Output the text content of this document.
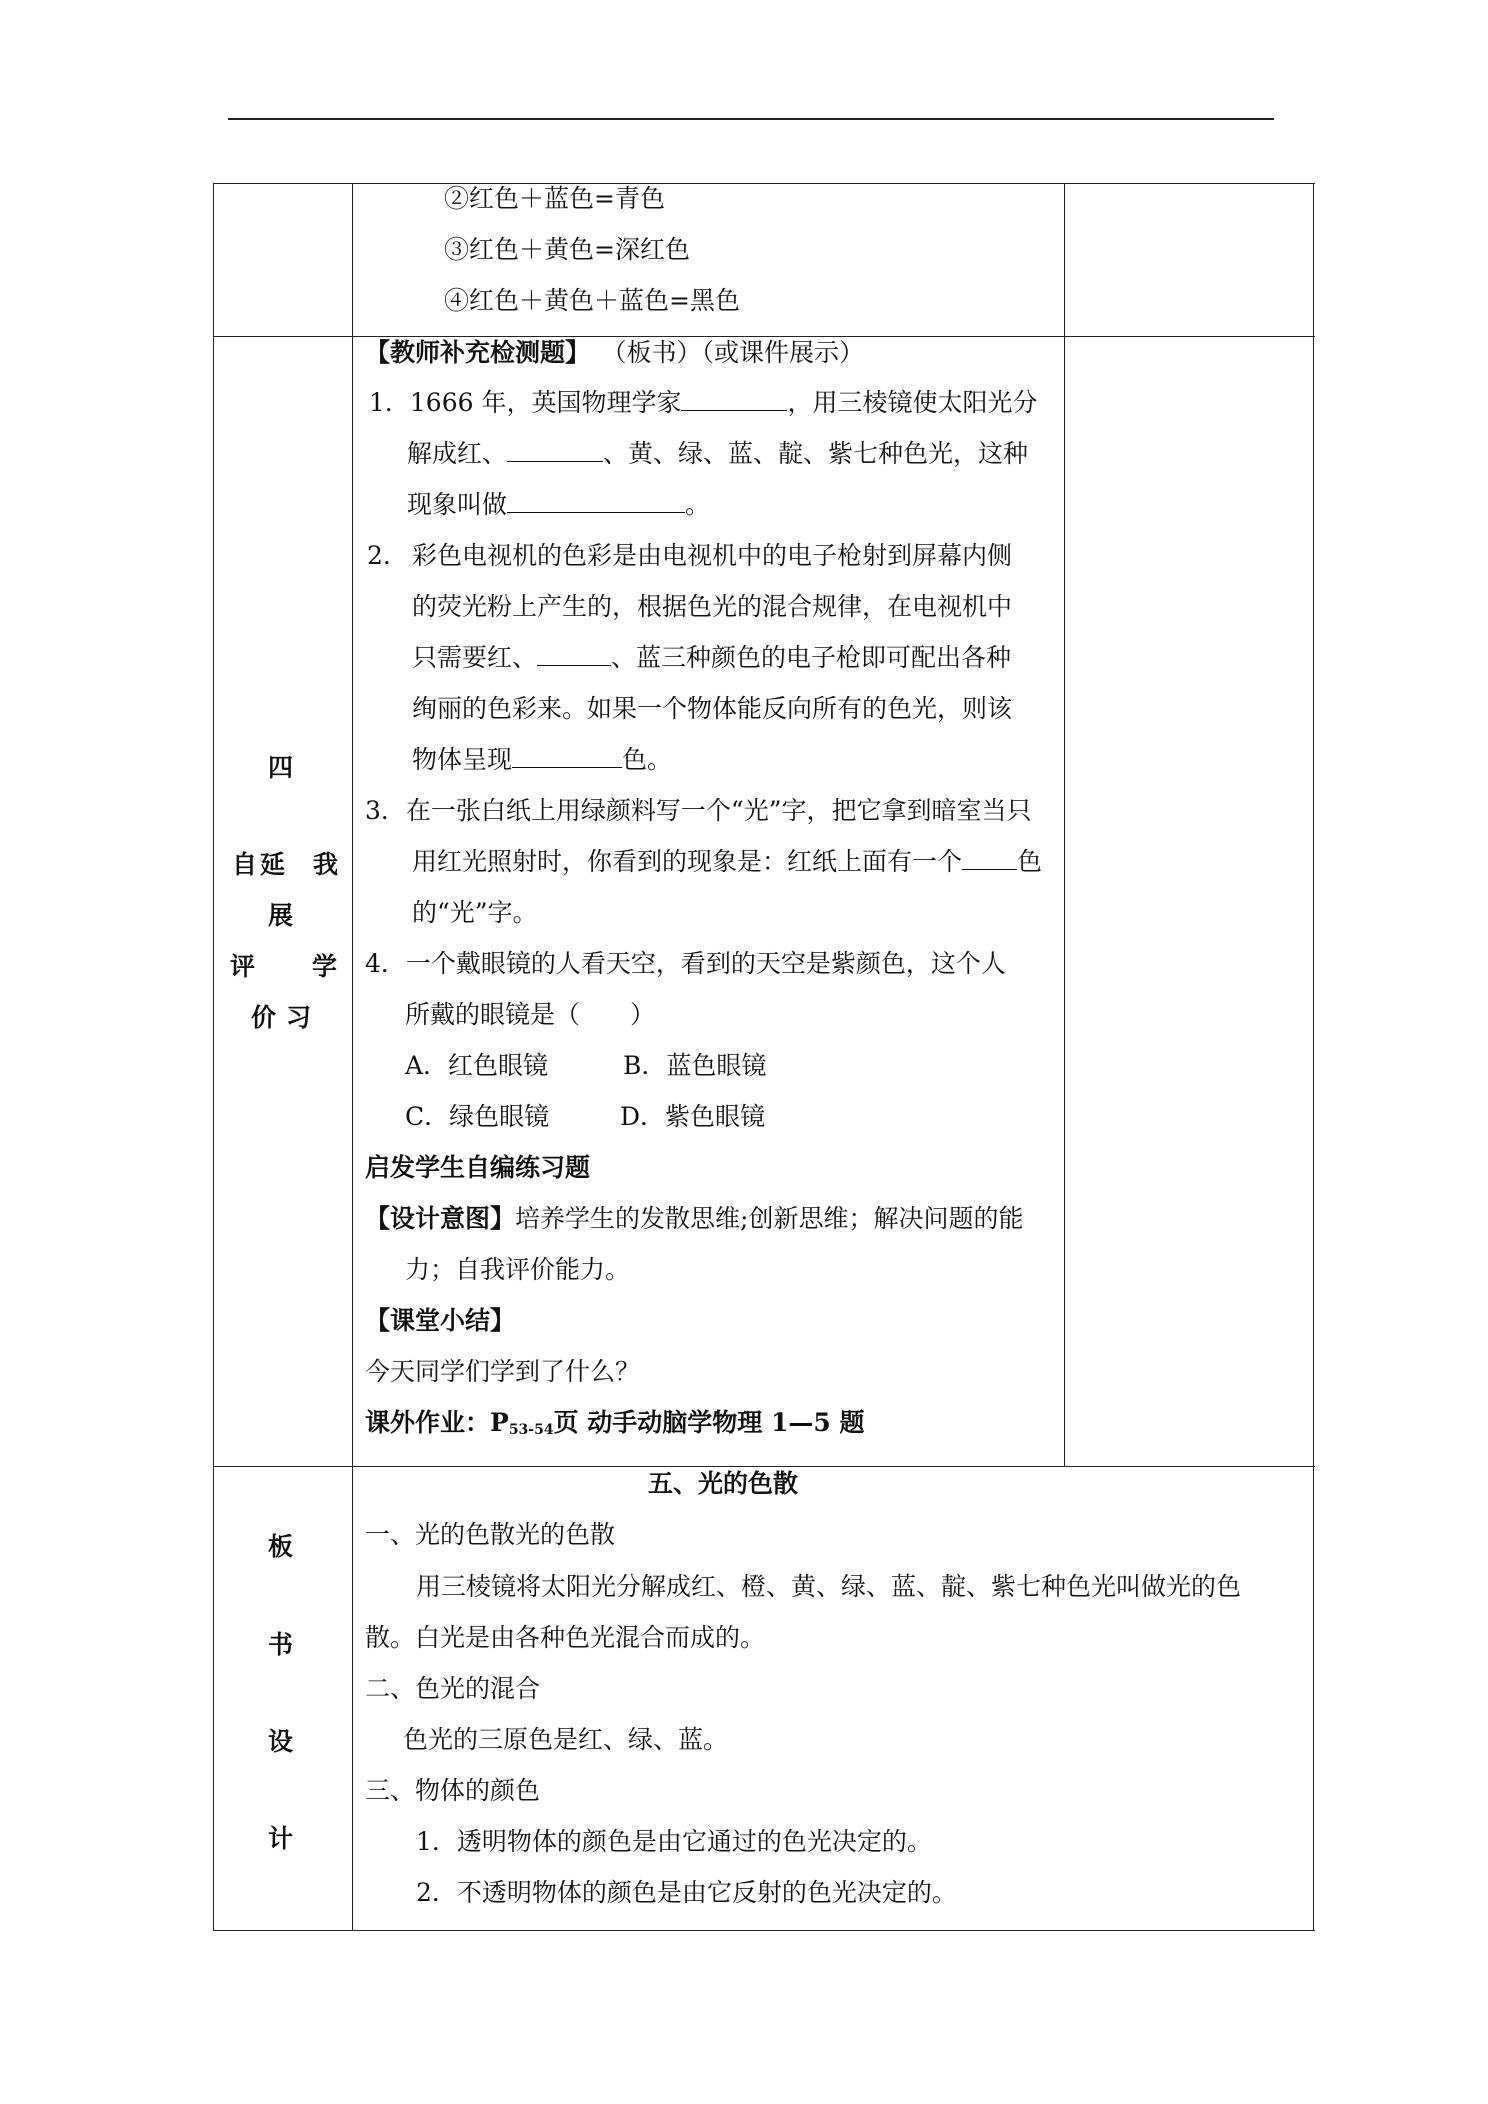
②红色＋蓝色=青色
③红色＋黄色=深红色
④红色＋黄色＋蓝色=黑色
四
自 延 我
展
评 学
价 习
【教师补充检测题】 （板书）（或课件展示）
1．1666 年，英国物理学家	，用三棱镜使太阳光分
解成红、	、黄、绿、蓝、靛、紫七种色光，这种
现象叫做	。
2. 彩色电视机的色彩是由电视机中的电子枪射到屏幕内侧
的荧光粉上产生的，根据色光的混合规律，在电视机中
只需要红、	、蓝三种颜色的电子枪即可配出各种
绚丽的色彩来。如果一个物体能反向所有的色光，则该
物体呈现	色。
3．在一张白纸上用绿颜料写一个“光”字，把它拿到暗室当只
用红光照射时，你看到的现象是：红纸上面有一个 色
的“光”字。
4．一个戴眼镜的人看天空，看到的天空是紫颜色，这个人
所戴的眼镜是（　　）
A．红色眼镜	B．蓝色眼镜
C．绿色眼镜	D．紫色眼镜
启发学生自编练习题
【设计意图】培养学生的发散思维;创新思维；解决问题的能
力；自我评价能力。
【课堂小结】
今天同学们学到了什么？
课外作业：$P_{53-54}$页 动手动脑学物理 1—5 题
板
书
设
计
五、光的色散
一、光的色散光的色散
用三棱镜将太阳光分解成红、橙、黄、绿、蓝、靛、紫七种色光叫做光的色
散。白光是由各种色光混合而成的。
二、色光的混合
色光的三原色是红、绿、蓝。
三、物体的颜色
1．透明物体的颜色是由它通过的色光决定的。
2．不透明物体的颜色是由它反射的色光决定的。
